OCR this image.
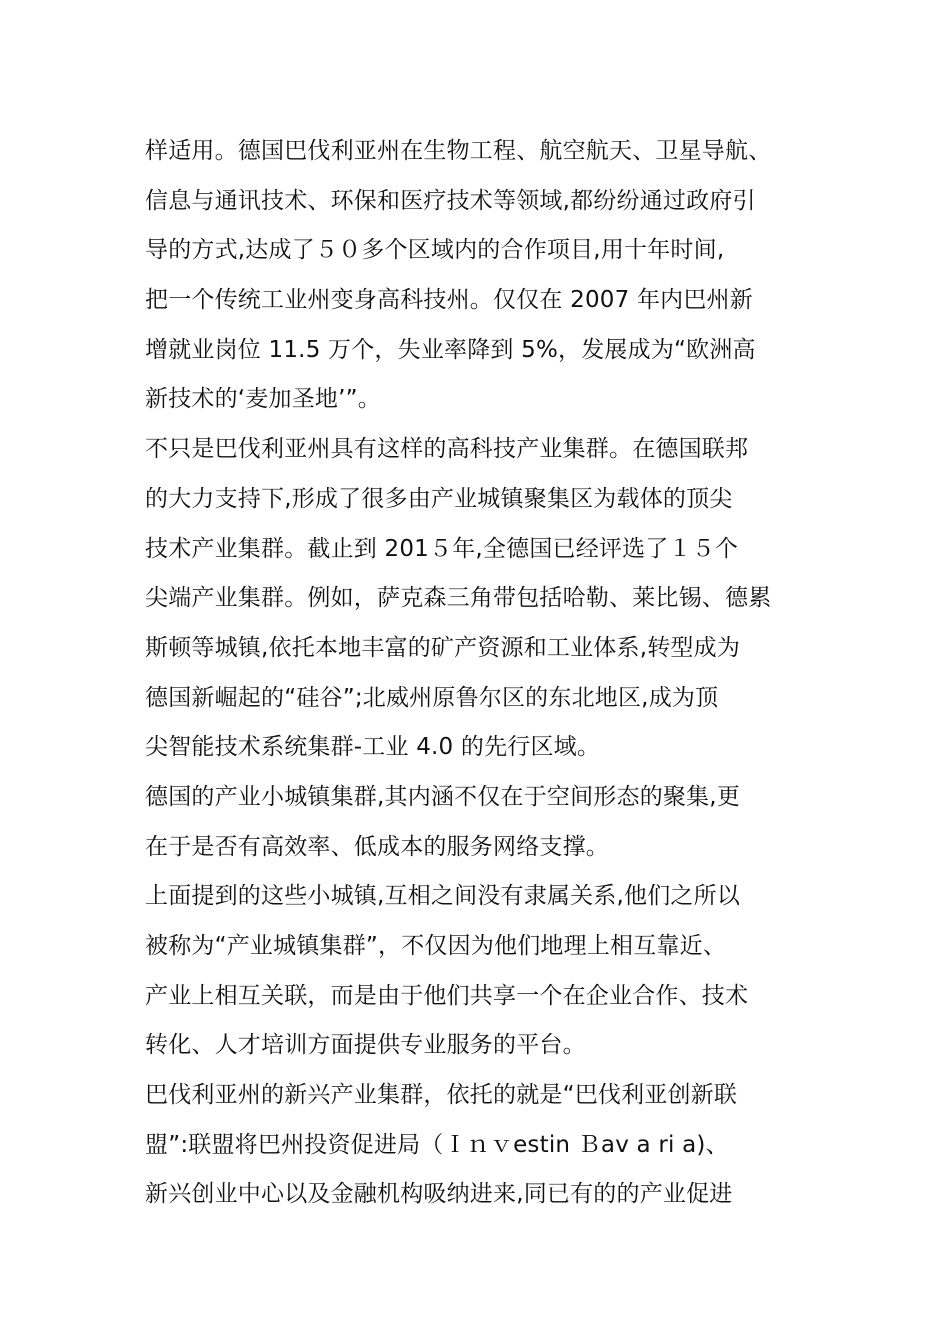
样适用。德国巴伐利亚州在生物工程、航空航天、卫星导航、
信息与通讯技术、环保和医疗技术等领域,都纷纷通过政府引
导的方式,达成了５０多个区域内的合作项目,用十年时间,
把一个传统工业州变身高科技州。仅仅在 2007 年内巴州新
增就业岗位 11.5 万个，失业率降到 5%，发展成为“欧洲高
新技术的‘麦加圣地’”。
不只是巴伐利亚州具有这样的高科技产业集群。在德国联邦
的大力支持下,形成了很多由产业城镇聚集区为载体的顶尖
技术产业集群。截止到 201５年,全德国已经评选了１５个
尖端产业集群。例如，萨克森三角带包括哈勒、莱比锡、德累
斯顿等城镇,依托本地丰富的矿产资源和工业体系,转型成为
德国新崛起的“硅谷”;北威州原鲁尔区的东北地区,成为顶
尖智能技术系统集群-工业 4.0 的先行区域。
德国的产业小城镇集群,其内涵不仅在于空间形态的聚集,更
在于是否有高效率、低成本的服务网络支撑。
上面提到的这些小城镇,互相之间没有隶属关系,他们之所以
被称为“产业城镇集群”，不仅因为他们地理上相互靠近、
产业上相互关联，而是由于他们共享一个在企业合作、技术
转化、人才培训方面提供专业服务的平台。
巴伐利亚州的新兴产业集群，依托的就是“巴伐利亚创新联
盟”:联盟将巴州投资促进局（Ｉｎｖestin Ｂav a ri a)、
新兴创业中心以及金融机构吸纳进来,同已有的的产业促进
